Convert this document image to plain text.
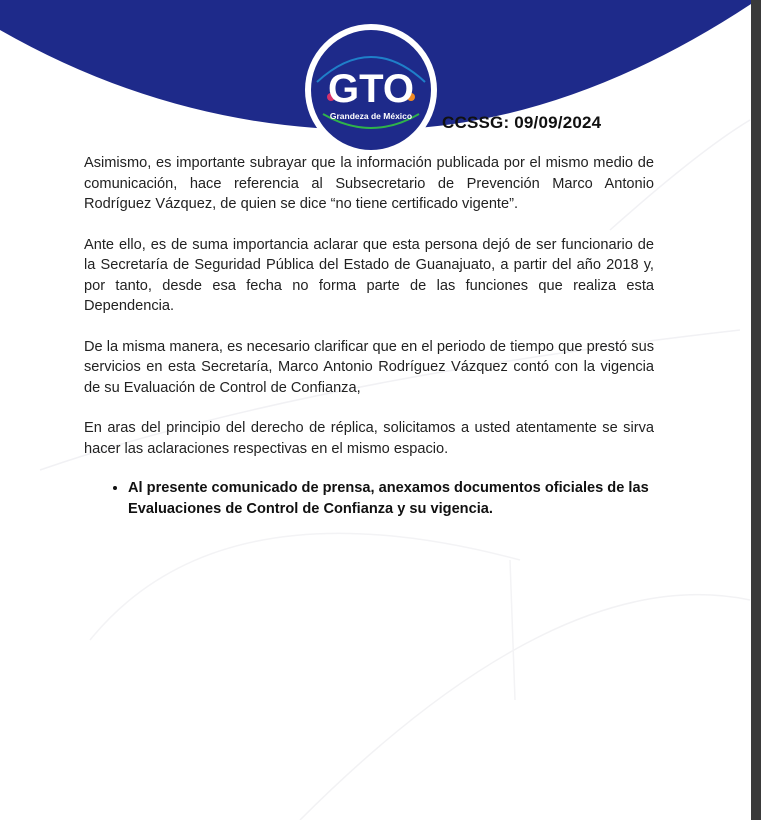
GTO
Grandeza de México CCSSG: 09/09/2024

Asimismo, es importante subrayar que la información publicada por el mismo medio de comunicación, hace referencia al Subsecretario de Prevención Marco Antonio Rodríguez Vázquez, de quien se dice “no tiene certificado vigente”.

Ante ello, es de suma importancia aclarar que esta persona dejó de ser funcionario de la Secretaría de Seguridad Pública del Estado de Guanajuato, a partir del año 2018 y, por tanto, desde esa fecha no forma parte de las funciones que realiza esta Dependencia.

De la misma manera, es necesario clarificar que en el periodo de tiempo que prestó sus servicios en esta Secretaría, Marco Antonio Rodríguez Vázquez contó con la vigencia de su Evaluación de Control de Confianza,

En aras del principio del derecho de réplica, solicitamos a usted atentamente se sirva hacer las aclaraciones respectivas en el mismo espacio.

• Al presente comunicado de prensa, anexamos documentos oficiales de las Evaluaciones de Control de Confianza y su vigencia.
